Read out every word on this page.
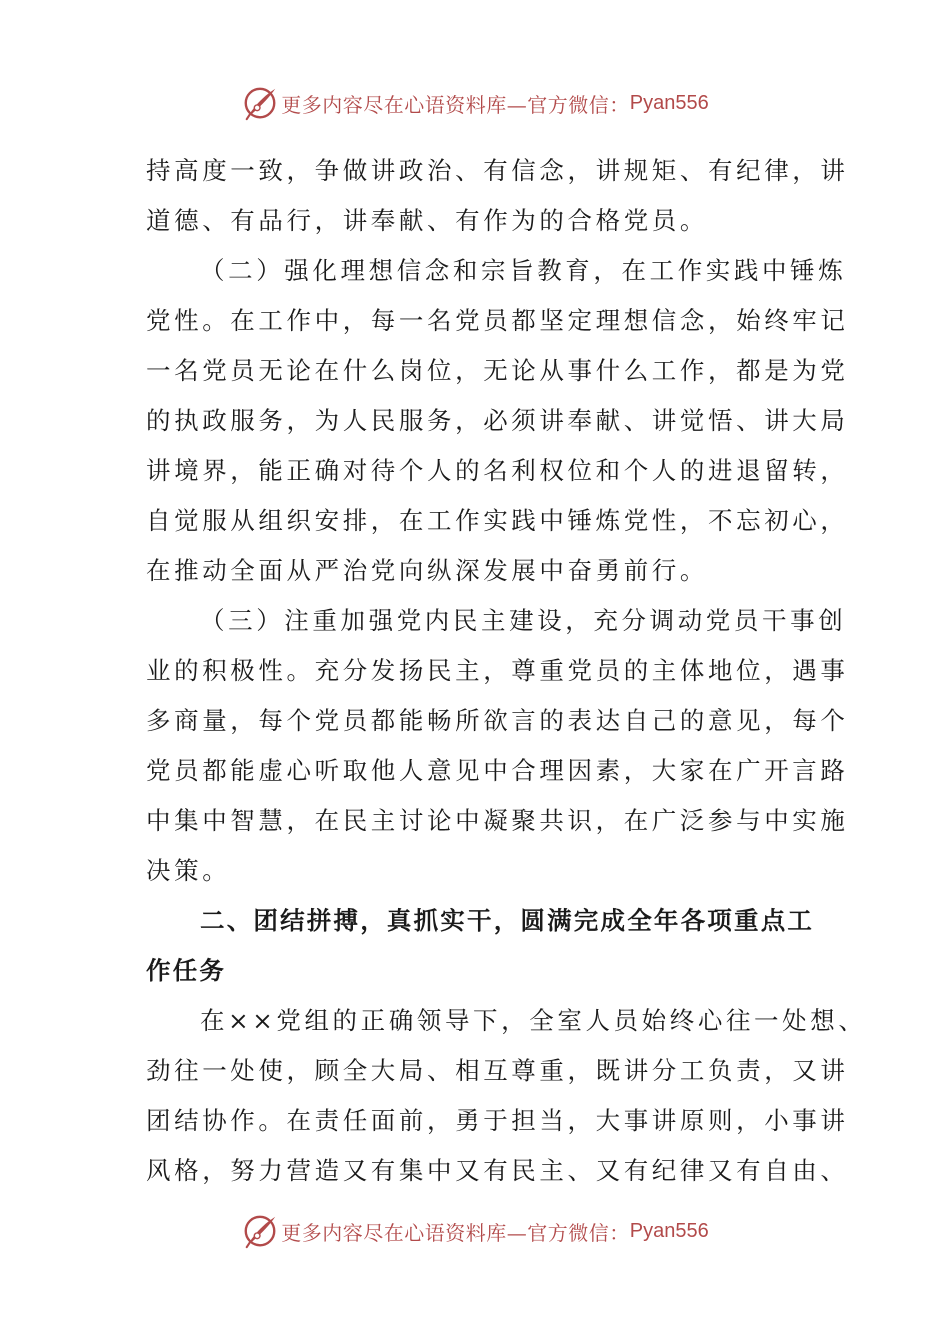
更多内容尽在心语资料库—官方微信： Pyan556
持高度一致，争做讲政治、有信念，讲规矩、有纪律，讲
道德、有品行，讲奉献、有作为的合格党员。
（二）强化理想信念和宗旨教育，在工作实践中锤炼
党性。在工作中，每一名党员都坚定理想信念，始终牢记
一名党员无论在什么岗位，无论从事什么工作，都是为党
的执政服务，为人民服务，必须讲奉献、讲觉悟、讲大局
讲境界，能正确对待个人的名利权位和个人的进退留转，
自觉服从组织安排，在工作实践中锤炼党性，不忘初心，
在推动全面从严治党向纵深发展中奋勇前行。
（三）注重加强党内民主建设，充分调动党员干事创
业的积极性。充分发扬民主，尊重党员的主体地位，遇事
多商量，每个党员都能畅所欲言的表达自己的意见，每个
党员都能虚心听取他人意见中合理因素，大家在广开言路
中集中智慧，在民主讨论中凝聚共识，在广泛参与中实施
决策。
二、团结拼搏，真抓实干，圆满完成全年各项重点工
作任务
在××党组的正确领导下，全室人员始终心往一处想、
劲往一处使，顾全大局、相互尊重，既讲分工负责，又讲
团结协作。在责任面前，勇于担当，大事讲原则，小事讲
风格，努力营造又有集中又有民主、又有纪律又有自由、
更多内容尽在心语资料库—官方微信： Pyan556
